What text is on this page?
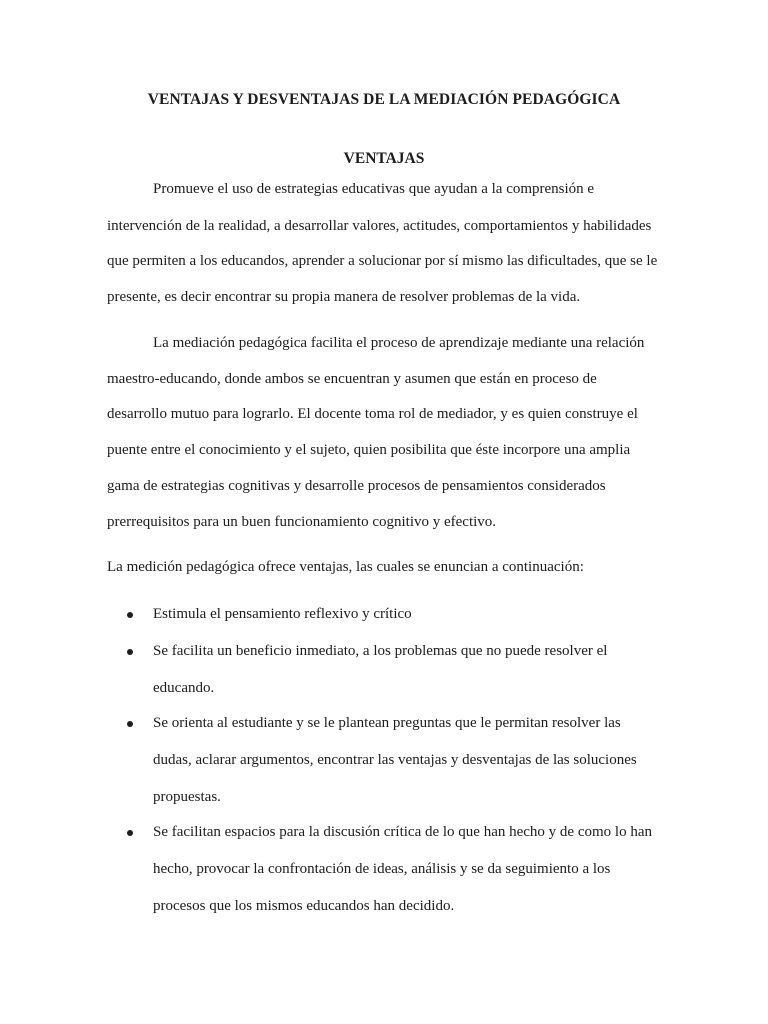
VENTAJAS Y DESVENTAJAS DE LA MEDIACIÓN PEDAGÓGICA
VENTAJAS
Promueve el uso de estrategias educativas que ayudan a la comprensión e
intervención de la realidad, a desarrollar valores, actitudes, comportamientos y habilidades
que permiten a los educandos, aprender a solucionar por sí mismo las dificultades, que se le
presente, es decir encontrar su propia manera de resolver problemas de la vida.
La mediación pedagógica facilita el proceso de aprendizaje mediante una relación
maestro-educando, donde ambos se encuentran y asumen que están en proceso de
desarrollo mutuo para lograrlo. El docente toma rol de mediador, y es quien construye el
puente entre el conocimiento y el sujeto, quien posibilita que éste incorpore una amplia
gama de estrategias cognitivas y desarrolle procesos de pensamientos considerados
prerrequisitos para un buen funcionamiento cognitivo y efectivo.
La medición pedagógica ofrece ventajas, las cuales se enuncian a continuación:
Estimula el pensamiento reflexivo y crítico
Se facilita un beneficio inmediato, a los problemas que no puede resolver el
educando.
Se orienta al estudiante y se le plantean preguntas que le permitan resolver las
dudas, aclarar argumentos, encontrar las ventajas y desventajas de las soluciones
propuestas.
Se facilitan espacios para la discusión crítica de lo que han hecho y de como lo han
hecho, provocar la confrontación de ideas, análisis y se da seguimiento a los
procesos que los mismos educandos han decidido.
